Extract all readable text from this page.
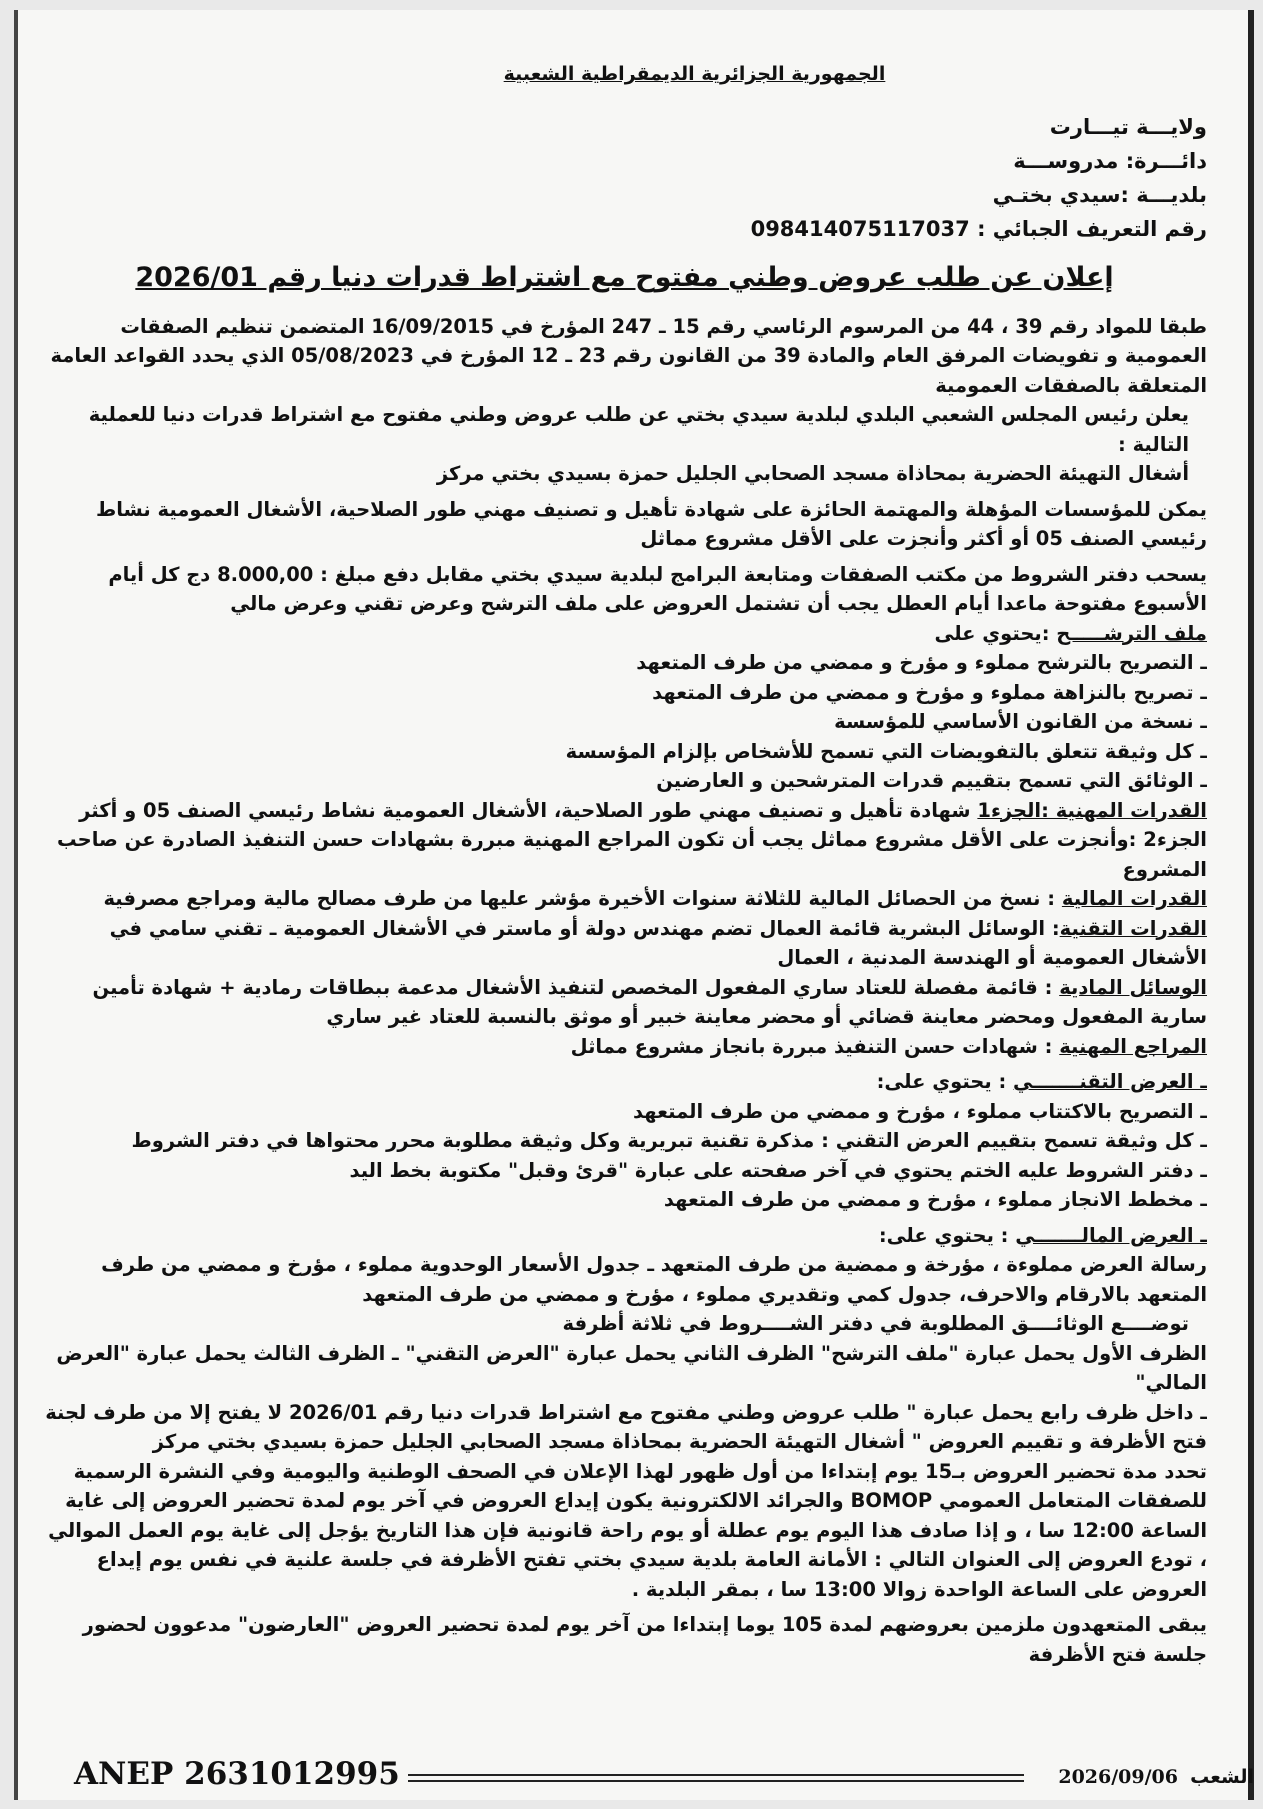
الجمهورية الجزائرية الديمقراطية الشعبية

ولايـــة تيـــارت

دائـــرة: مدروســـة

بلديـــة :سيدي بختـي

رقم التعريف الجبائي : 098414075117037

إعلان عن طلب عروض وطني مفتوح مع اشتراط قدرات دنيا رقم 2026/01

طبقا للمواد رقم 39 ، 44 من المرسوم الرئاسي رقم 15 ـ 247 المؤرخ في 16/09/2015 المتضمن تنظيم الصفقات العمومية و تفويضات المرفق العام والمادة 39 من القانون رقم 23 ـ 12 المؤرخ في 05/08/2023 الذي يحدد القواعد العامة المتعلقة بالصفقات العمومية

يعلن رئيس المجلس الشعبي البلدي لبلدية سيدي بختي عن طلب عروض وطني مفتوح مع اشتراط قدرات دنيا للعملية التالية :

أشغال التهيئة الحضرية بمحاذاة مسجد الصحابي الجليل حمزة بسيدي بختي مركز

يمكن للمؤسسات المؤهلة والمهتمة الحائزة على شهادة تأهيل و تصنيف مهني طور الصلاحية، الأشغال العمومية نشاط رئيسي الصنف 05 أو أكثر وأنجزت على الأقل مشروع مماثل

يسحب دفتر الشروط من مكتب الصفقات ومتابعة البرامج لبلدية سيدي بختي مقابل دفع مبلغ : 8.000,00 دج كل أيام الأسبوع مفتوحة ماعدا أيام العطل يجب أن تشتمل العروض على ملف الترشح وعرض تقني وعرض مالي

ملف الترشـــــح :يحتوي على

ـ التصريح بالترشح مملوء و مؤرخ و ممضي من طرف المتعهد

ـ تصريح بالنزاهة مملوء و مؤرخ و ممضي من طرف المتعهد

ـ نسخة من القانون الأساسي للمؤسسة

ـ كل وثيقة تتعلق بالتفويضات التي تسمح للأشخاص بإلزام المؤسسة

ـ الوثائق التي تسمح بتقييم قدرات المترشحين و العارضين

القدرات المهنية :الجزء1 شهادة تأهيل و تصنيف مهني طور الصلاحية، الأشغال العمومية نشاط رئيسي الصنف 05 و أكثر الجزء2 :وأنجزت على الأقل مشروع مماثل يجب أن تكون المراجع المهنية مبررة بشهادات حسن التنفيذ الصادرة عن صاحب المشروع

القدرات المالية : نسخ من الحصائل المالية للثلاثة سنوات الأخيرة مؤشر عليها من طرف مصالح مالية ومراجع مصرفية

القدرات التقنية: الوسائل البشرية قائمة العمال تضم مهندس دولة أو ماستر في الأشغال العمومية ـ تقني سامي في الأشغال العمومية أو الهندسة المدنية ، العمال

الوسائل المادية : قائمة مفصلة للعتاد ساري المفعول المخصص لتنفيذ الأشغال مدعمة ببطاقات رمادية + شهادة تأمين سارية المفعول ومحضر معاينة قضائي أو محضر معاينة خبير أو موثق بالنسبة للعتاد غير ساري

المراجع المهنية : شهادات حسن التنفيذ مبررة بانجاز مشروع مماثل

ـ العرض التقنـــــــي : يحتوي على:

ـ التصريح بالاكتتاب مملوء ، مؤرخ و ممضي من طرف المتعهد

ـ كل وثيقة تسمح بتقييم العرض التقني : مذكرة تقنية تبريرية وكل وثيقة مطلوبة محرر محتواها في دفتر الشروط

ـ دفتر الشروط عليه الختم يحتوي في آخر صفحته على عبارة "قرئ وقبل" مكتوبة بخط اليد

ـ مخطط الانجاز مملوء ، مؤرخ و ممضي من طرف المتعهد

ـ العرض المالـــــــي : يحتوي على:

رسالة العرض مملوءة ، مؤرخة و ممضية من طرف المتعهد ـ جدول الأسعار الوحدوية مملوء ، مؤرخ و ممضي من طرف المتعهد بالارقام والاحرف، جدول كمي وتقديري مملوء ، مؤرخ و ممضي من طرف المتعهد

توضــــع الوثائــــق المطلوبة في دفتر الشــــروط في ثلاثة أظرفة

الظرف الأول يحمل عبارة "ملف الترشح" الظرف الثاني يحمل عبارة "العرض التقني" ـ الظرف الثالث يحمل عبارة "العرض المالي"

ـ داخل ظرف رابع يحمل عبارة " طلب عروض وطني مفتوح مع اشتراط قدرات دنيا رقم 2026/01 لا يفتح إلا من طرف لجنة فتح الأظرفة و تقييم العروض " أشغال التهيئة الحضرية بمحاذاة مسجد الصحابي الجليل حمزة بسيدي بختي مركز

تحدد مدة تحضير العروض بـ15 يوم إبتداءا من أول ظهور لهذا الإعلان في الصحف الوطنية واليومية وفي النشرة الرسمية للصفقات المتعامل العمومي BOMOP والجرائد الالكترونية يكون إيداع العروض في آخر يوم لمدة تحضير العروض إلى غاية الساعة 12:00 سا ، و إذا صادف هذا اليوم يوم عطلة أو يوم راحة قانونية فإن هذا التاريخ يؤجل إلى غاية يوم العمل الموالي ، تودع العروض إلى العنوان التالي : الأمانة العامة بلدية سيدي بختي تفتح الأظرفة في جلسة علنية في نفس يوم إيداع العروض على الساعة الواحدة زوالا 13:00 سا ، بمقر البلدية .

يبقى المتعهدون ملزمين بعروضهم لمدة 105 يوما إبتداءا من آخر يوم لمدة تحضير العروض "العارضون" مدعوون لحضور جلسة فتح الأظرفة

ANEP 2631012995	2026/09/06 الشعب
